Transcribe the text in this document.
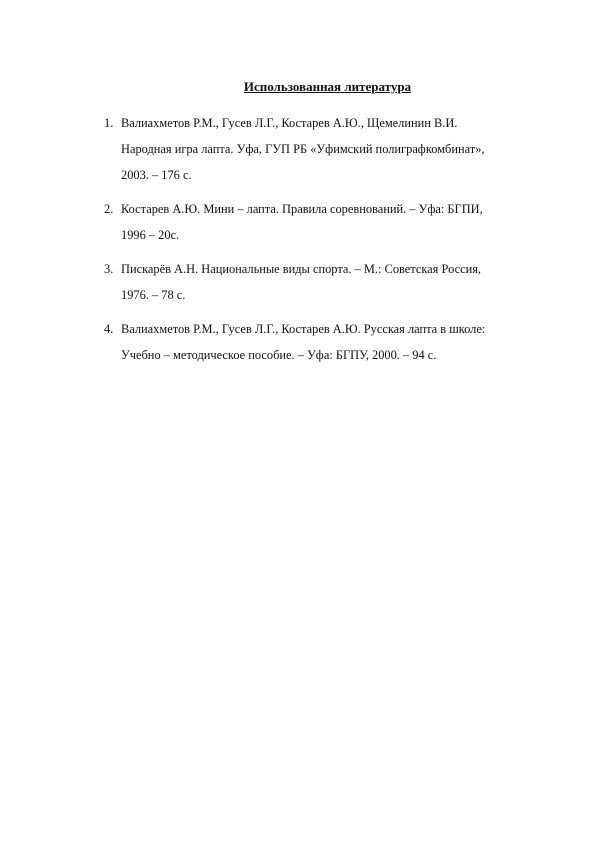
Использованная литература
1. Валиахметов Р.М., Гусев Л.Г., Костарев А.Ю., Щемелинин В.И.
Народная игра лапта. Уфа, ГУП РБ «Уфимский полиграфкомбинат»,
2003. – 176 с.
2. Костарев А.Ю. Мини – лапта. Правила соревнований. – Уфа: БГПИ,
1996 – 20с.
3. Пискарёв А.Н. Национальные виды спорта. – М.: Советская Россия,
1976. – 78 с.
4. Валиахметов Р.М., Гусев Л.Г., Костарев А.Ю. Русская лапта в школе:
Учебно – методическое пособие. – Уфа: БГПУ, 2000. – 94 с.
